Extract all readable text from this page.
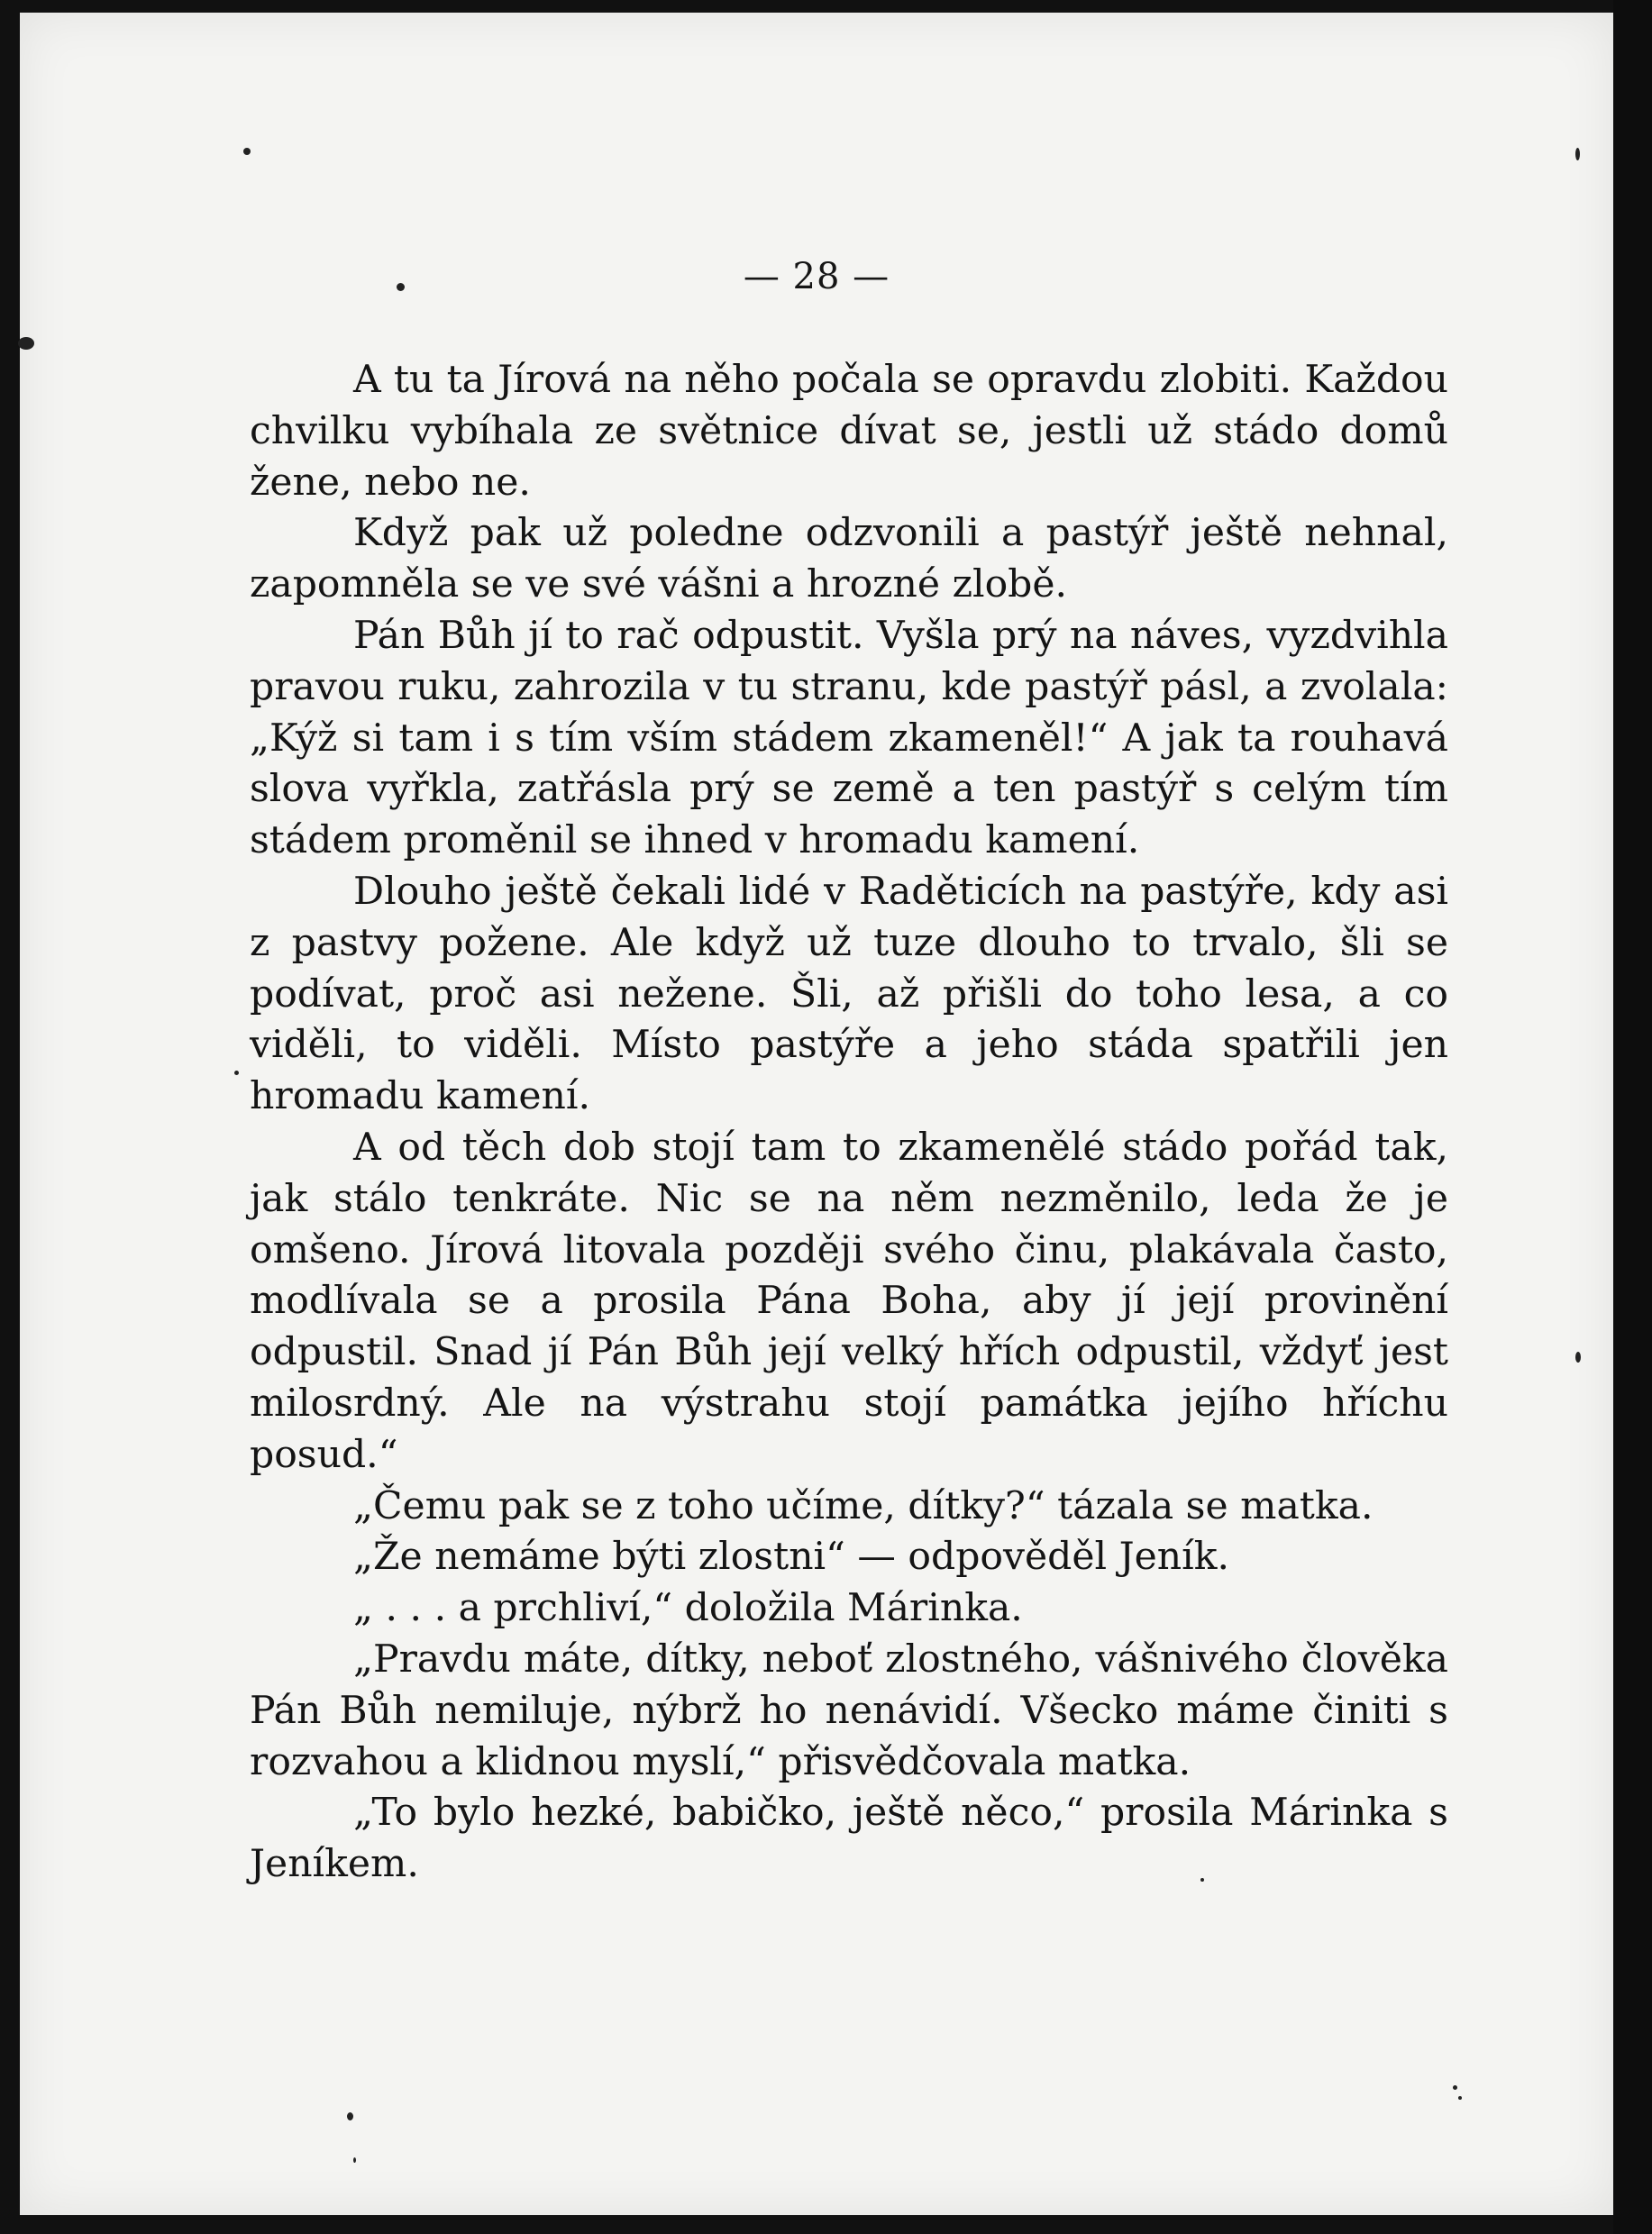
— 28 —

A tu ta Jírová na něho počala se opravdu zlobiti. Každou chvilku vybíhala ze světnice dívat se, jestli už stádo domů žene, nebo ne.

Když pak už poledne odzvonili a pastýř ještě nehnal, zapomněla se ve své vášni a hrozné zlobě.

Pán Bůh jí to rač odpustit. Vyšla prý na náves, vyzdvihla pravou ruku, zahrozila v tu stranu, kde pastýř pásl, a zvolala: „Kýž si tam i s tím vším stádem zkameněl!“ A jak ta rouhavá slova vyřkla, zatřásla prý se země a ten pastýř s celým tím stádem proměnil se ihned v hromadu kamení.

Dlouho ještě čekali lidé v Raděticích na pastýře, kdy asi z pastvy požene. Ale když už tuze dlouho to trvalo, šli se podívat, proč asi nežene. Šli, až přišli do toho lesa, a co viděli, to viděli. Místo pastýře a jeho stáda spatřili jen hromadu kamení.

A od těch dob stojí tam to zkamenělé stádo pořád tak, jak stálo tenkráte. Nic se na něm nezměnilo, leda že je omšeno. Jírová litovala později svého činu, plakávala často, modlívala se a prosila Pána Boha, aby jí její provinění odpustil. Snad jí Pán Bůh její velký hřích odpustil, vždyť jest milosrdný. Ale na výstrahu stojí památka jejího hříchu posud.“

„Čemu pak se z toho učíme, dítky?“ tázala se matka.

„Že nemáme býti zlostni“ — odpověděl Jeník.

„ . . . a prchliví,“ doložila Márinka.

„Pravdu máte, dítky, neboť zlostného, vášnivého člověka Pán Bůh nemiluje, nýbrž ho nenávidí. Všecko máme činiti s rozvahou a klidnou myslí,“ přisvědčovala matka.

„To bylo hezké, babičko, ještě něco,“ prosila Márinka s Jeníkem.
